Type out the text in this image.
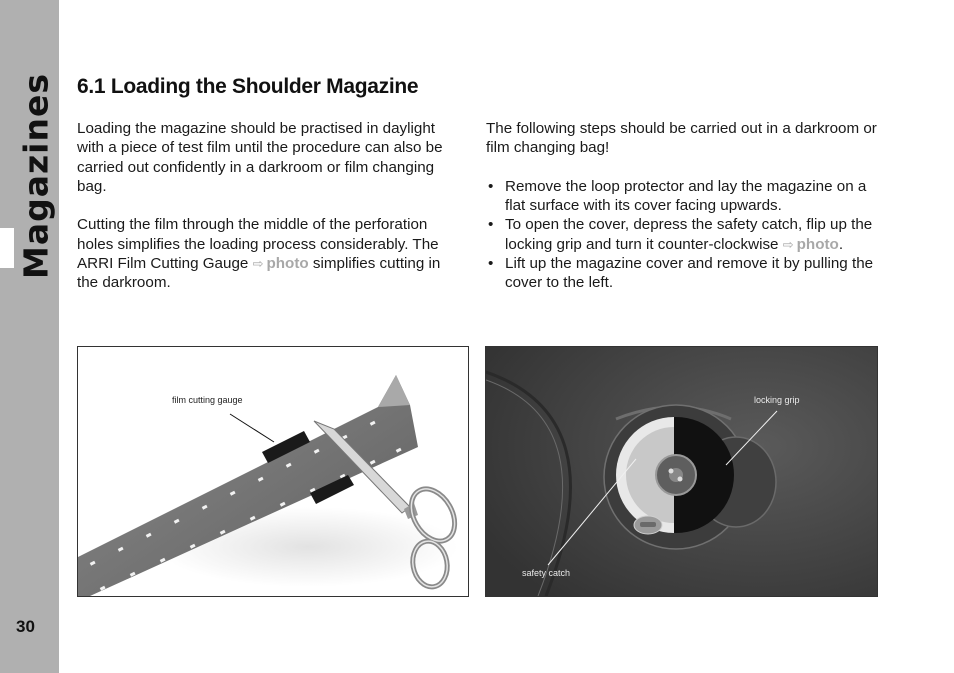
Magazines
30
6.1 Loading the Shoulder Magazine

Loading the magazine should be practised in daylight with a piece of test film until the procedure can also be carried out confidently in a darkroom or film changing bag.

Cutting the film through the middle of the perforation holes simplifies the loading process considerably. The ARRI Film Cutting Gauge ⇨ photo simplifies cutting in the darkroom.

The following steps should be carried out in a darkroom or film changing bag!

• Remove the loop protector and lay the magazine on a flat surface with its cover facing upwards.
• To open the cover, depress the safety catch, flip up the locking grip and turn it counter-clockwise ⇨ photo.
• Lift up the magazine cover and remove it by pulling the cover to the left.
film cutting gauge	locking grip
safety catch
